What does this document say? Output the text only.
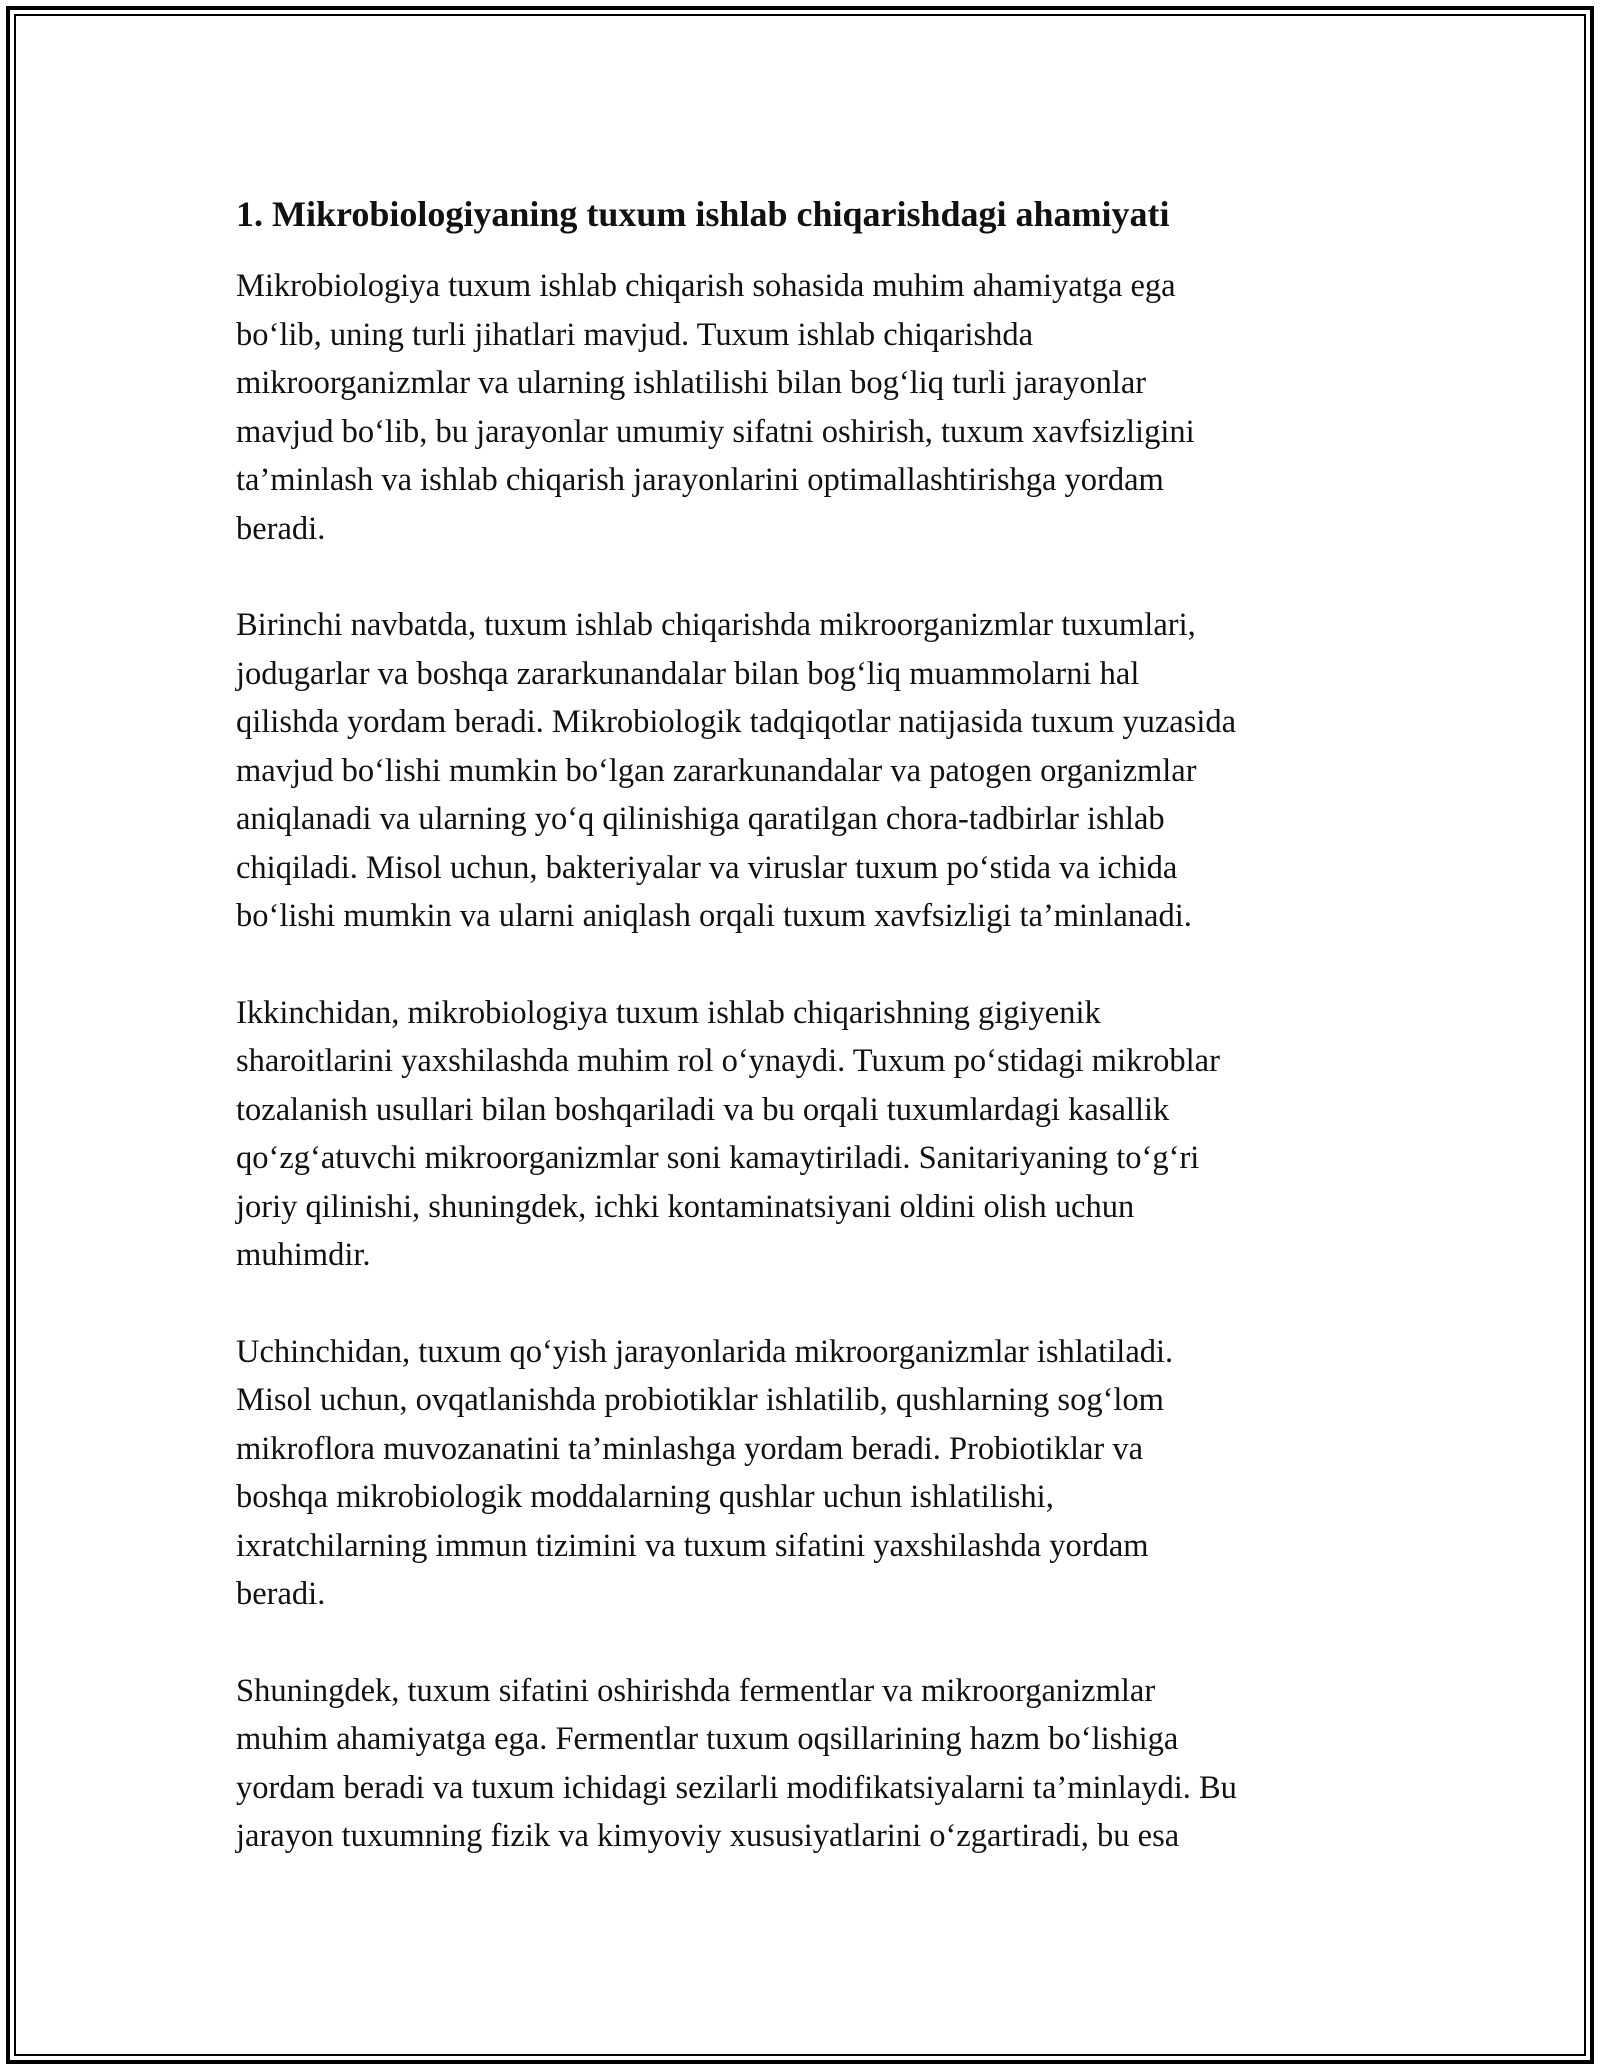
1. Mikrobiologiyaning tuxum ishlab chiqarishdagi ahamiyati

Mikrobiologiya tuxum ishlab chiqarish sohasida muhim ahamiyatga ega
bo‘lib, uning turli jihatlari mavjud. Tuxum ishlab chiqarishda
mikroorganizmlar va ularning ishlatilishi bilan bog‘liq turli jarayonlar
mavjud bo‘lib, bu jarayonlar umumiy sifatni oshirish, tuxum xavfsizligini
ta’minlash va ishlab chiqarish jarayonlarini optimallashtirishga yordam
beradi.

Birinchi navbatda, tuxum ishlab chiqarishda mikroorganizmlar tuxumlari,
jodugarlar va boshqa zararkunandalar bilan bog‘liq muammolarni hal
qilishda yordam beradi. Mikrobiologik tadqiqotlar natijasida tuxum yuzasida
mavjud bo‘lishi mumkin bo‘lgan zararkunandalar va patogen organizmlar
aniqlanadi va ularning yo‘q qilinishiga qaratilgan chora-tadbirlar ishlab
chiqiladi. Misol uchun, bakteriyalar va viruslar tuxum po‘stida va ichida
bo‘lishi mumkin va ularni aniqlash orqali tuxum xavfsizligi ta’minlanadi.

Ikkinchidan, mikrobiologiya tuxum ishlab chiqarishning gigiyenik
sharoitlarini yaxshilashda muhim rol o‘ynaydi. Tuxum po‘stidagi mikroblar
tozalanish usullari bilan boshqariladi va bu orqali tuxumlardagi kasallik
qo‘zg‘atuvchi mikroorganizmlar soni kamaytiriladi. Sanitariyaning to‘g‘ri
joriy qilinishi, shuningdek, ichki kontaminatsiyani oldini olish uchun
muhimdir.

Uchinchidan, tuxum qo‘yish jarayonlarida mikroorganizmlar ishlatiladi.
Misol uchun, ovqatlanishda probiotiklar ishlatilib, qushlarning sog‘lom
mikroflora muvozanatini ta’minlashga yordam beradi. Probiotiklar va
boshqa mikrobiologik moddalarning qushlar uchun ishlatilishi,
ixratchilarning immun tizimini va tuxum sifatini yaxshilashda yordam
beradi.

Shuningdek, tuxum sifatini oshirishda fermentlar va mikroorganizmlar
muhim ahamiyatga ega. Fermentlar tuxum oqsillarining hazm bo‘lishiga
yordam beradi va tuxum ichidagi sezilarli modifikatsiyalarni ta’minlaydi. Bu
jarayon tuxumning fizik va kimyoviy xususiyatlarini o‘zgartiradi, bu esa
